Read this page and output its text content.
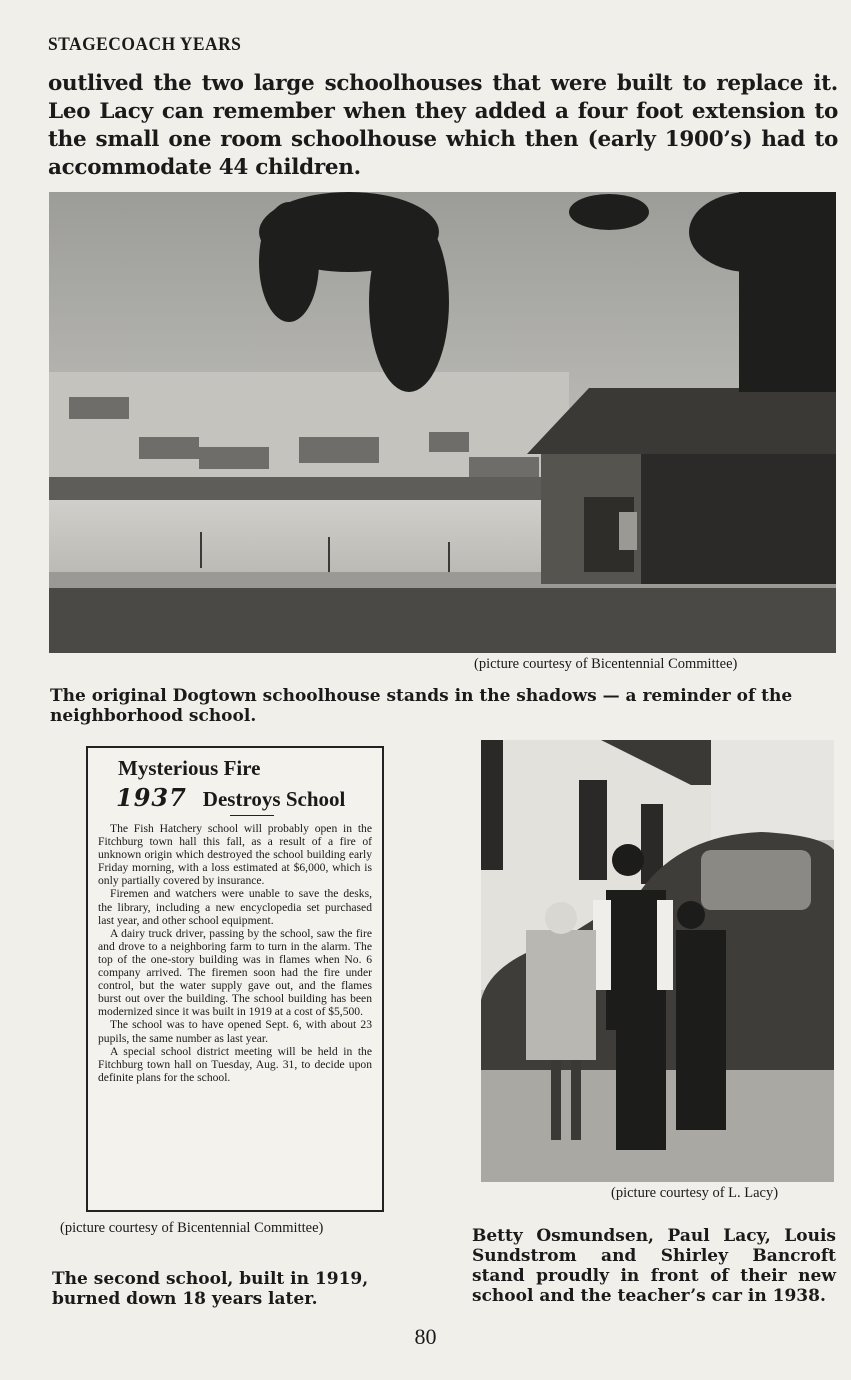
STAGECOACH YEARS
outlived the two large schoolhouses that were built to replace it. Leo Lacy can remember when they added a four foot extension to the small one room schoolhouse which then (early 1900’s) had to accommodate 44 children.
(picture courtesy of Bicentennial Committee)
The original Dogtown schoolhouse stands in the shadows — a reminder of the neighborhood school.
Mysterious Fire
1937 Destroys School

The Fish Hatchery school will probably open in the Fitchburg town hall this fall, as a result of a fire of unknown origin which destroyed the school building early Friday morning, with a loss estimated at $6,000, which is only partially covered by insurance.

Firemen and watchers were unable to save the desks, the library, including a new encyclopedia set purchased last year, and other school equipment.

A dairy truck driver, passing by the school, saw the fire and drove to a neighboring farm to turn in the alarm. The top of the one-story building was in flames when No. 6 company arrived. The firemen soon had the fire under control, but the water supply gave out, and the flames burst out over the building. The school building has been modernized since it was built in 1919 at a cost of $5,500.

The school was to have opened Sept. 6, with about 23 pupils, the same number as last year.

A special school district meeting will be held in the Fitchburg town hall on Tuesday, Aug. 31, to decide upon definite plans for the school.

(picture courtesy of Bicentennial Committee)
The second school, built in 1919, burned down 18 years later.
(picture courtesy of L. Lacy)
Betty Osmundsen, Paul Lacy, Louis Sundstrom and Shirley Bancroft stand proudly in front of their new school and the teacher’s car in 1938.
80
